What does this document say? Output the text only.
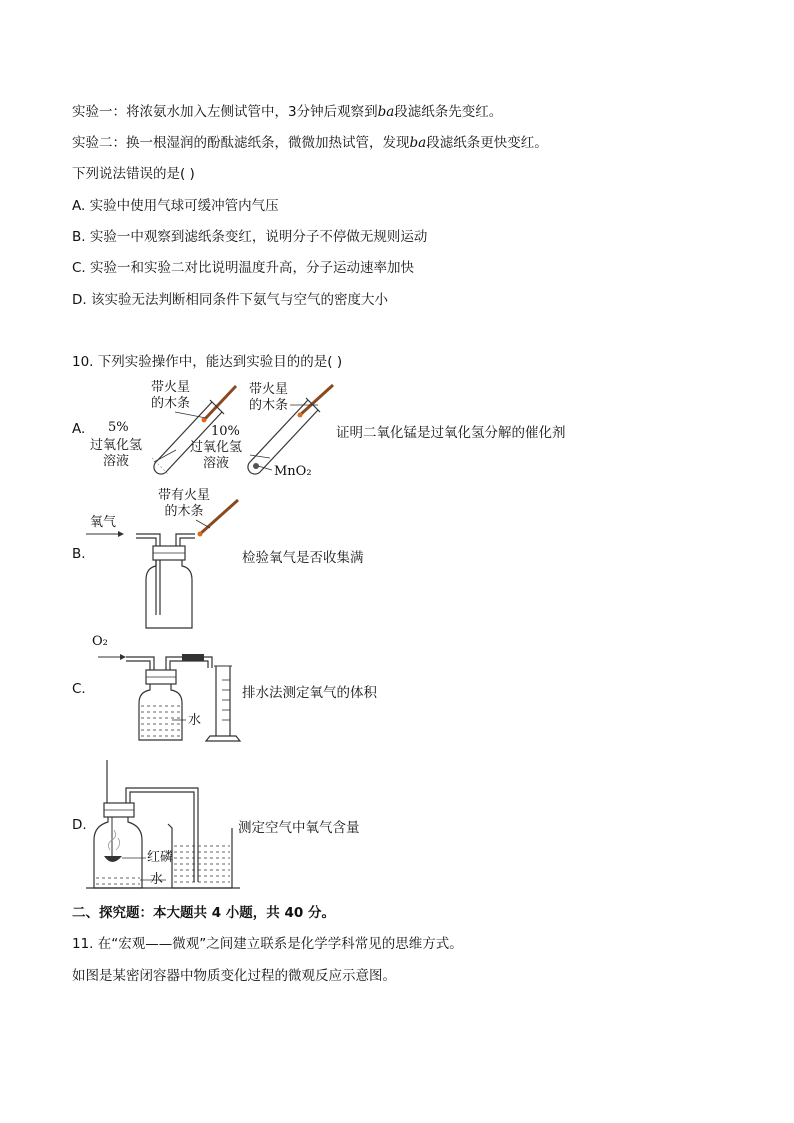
实验一：将浓氨水加入左侧试管中，3分钟后观察到ba段滤纸条先变红。
实验二：换一根湿润的酚酞滤纸条，微微加热试管，发现ba段滤纸条更快变红。
下列说法错误的是( )
A. 实验中使用气球可缓冲管内气压
B. 实验一中观察到滤纸条变红，说明分子不停做无规则运动
C. 实验一和实验二对比说明温度升高，分子运动速率加快
D. 该实验无法判断相同条件下氨气与空气的密度大小
10. 下列实验操作中，能达到实验目的的是( )
A.
带火星
的木条
5%
过氧化氢
溶液
带火星
的木条
10%
过氧化氢
溶液
MnO₂
证明二氧化锰是过氧化氢分解的催化剂
B.
带有火星
的木条
氧气
检验氧气是否收集满
C.
O₂
水
排水法测定氧气的体积
D.
红磷
水
测定空气中氧气含量
二、探究题：本大题共 4 小题，共 40 分。
11. 在“宏观——微观”之间建立联系是化学学科常见的思维方式。
如图是某密闭容器中物质变化过程的微观反应示意图。
